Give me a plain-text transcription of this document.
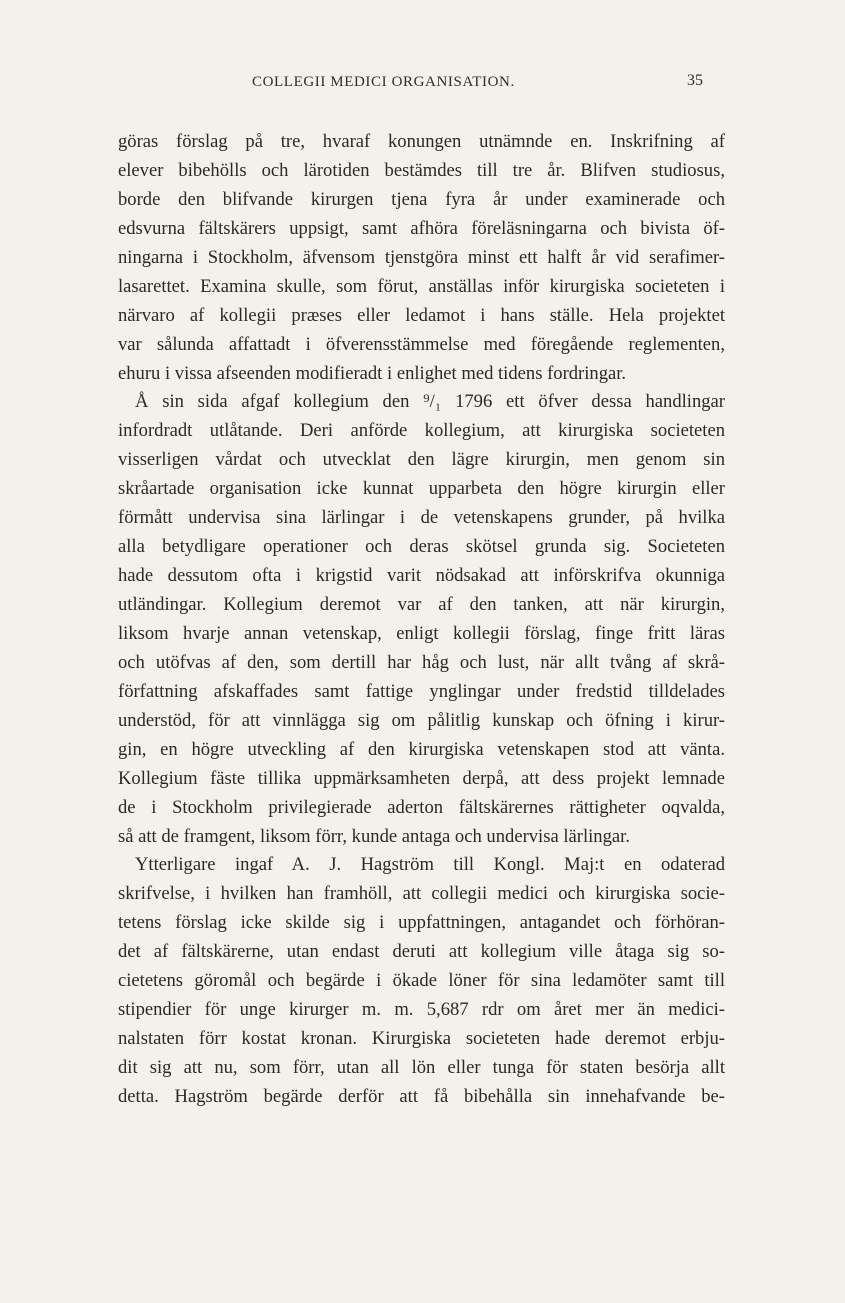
COLLEGII MEDICI ORGANISATION.	35
göras förslag på tre, hvaraf konungen utnämnde en. Inskrifning af
elever bibehölls och lärotiden bestämdes till tre år. Blifven studiosus,
borde den blifvande kirurgen tjena fyra år under examinerade och
edsvurna fältskärers uppsigt, samt afhöra föreläsningarna och bivista öf-
ningarna i Stockholm, äfvensom tjenstgöra minst ett halft år vid serafimer-
lasarettet. Examina skulle, som förut, anställas inför kirurgiska societeten i
närvaro af kollegii præses eller ledamot i hans ställe. Hela projektet
var sålunda affattadt i öfverensstämmelse med föregående reglementen,
ehuru i vissa afseenden modifieradt i enlighet med tidens fordringar.
Å sin sida afgaf kollegium den ⁹/₁ 1796 ett öfver dessa handlingar
infordradt utlåtande. Deri anförde kollegium, att kirurgiska societeten
visserligen vårdat och utvecklat den lägre kirurgin, men genom sin
skråartade organisation icke kunnat upparbeta den högre kirurgin eller
förmått undervisa sina lärlingar i de vetenskapens grunder, på hvilka
alla betydligare operationer och deras skötsel grunda sig. Societeten
hade dessutom ofta i krigstid varit nödsakad att införskrifva okunniga
utländingar. Kollegium deremot var af den tanken, att när kirurgin,
liksom hvarje annan vetenskap, enligt kollegii förslag, finge fritt läras
och utöfvas af den, som dertill har håg och lust, när allt tvång af skrå-
författning afskaffades samt fattige ynglingar under fredstid tilldelades
understöd, för att vinnlägga sig om pålitlig kunskap och öfning i kirur-
gin, en högre utveckling af den kirurgiska vetenskapen stod att vänta.
Kollegium fäste tillika uppmärksamheten derpå, att dess projekt lemnade
de i Stockholm privilegierade aderton fältskärernes rättigheter oqvalda,
så att de framgent, liksom förr, kunde antaga och undervisa lärlingar.
Ytterligare ingaf A. J. Hagström till Kongl. Maj:t en odaterad
skrifvelse, i hvilken han framhöll, att collegii medici och kirurgiska socie-
tetens förslag icke skilde sig i uppfattningen, antagandet och förhöran-
det af fältskärerne, utan endast deruti att kollegium ville åtaga sig so-
cietetens göromål och begärde i ökade löner för sina ledamöter samt till
stipendier för unge kirurger m. m. 5,687 rdr om året mer än medici-
nalstaten förr kostat kronan. Kirurgiska societeten hade deremot erbju-
dit sig att nu, som förr, utan all lön eller tunga för staten besörja allt
detta. Hagström begärde derför att få bibehålla sin innehafvande be-
